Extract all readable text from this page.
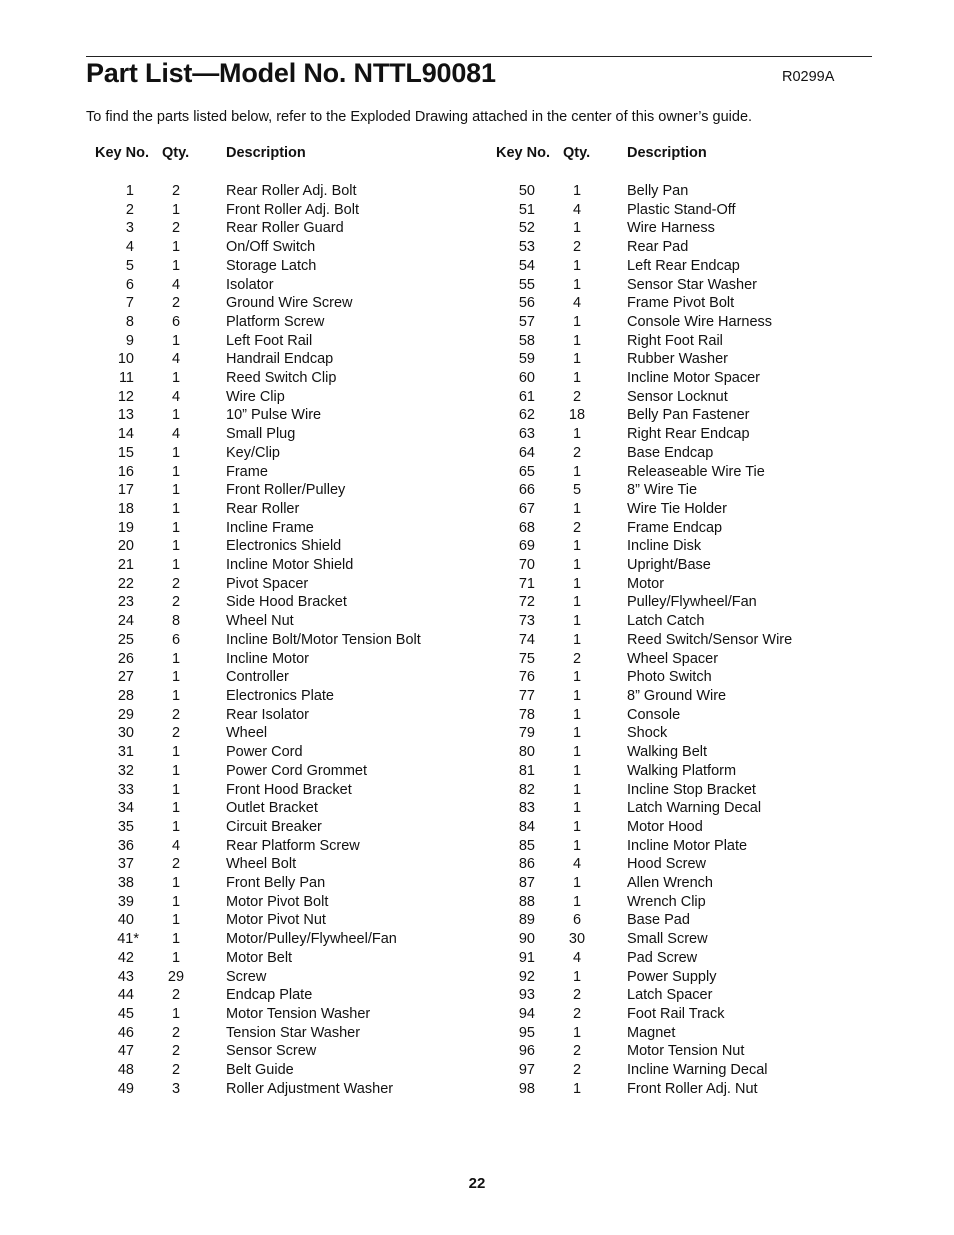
Part List—Model No. NTTL90081	R0299A
To find the parts listed below, refer to the Exploded Drawing attached in the center of this owner’s guide.
Key No. Qty.	Description
1	2	Rear Roller Adj. Bolt
2	1	Front Roller Adj. Bolt
3	2	Rear Roller Guard
4	1	On/Off Switch
5	1	Storage Latch
6	4	Isolator
7	2	Ground Wire Screw
8	6	Platform Screw
9	1	Left Foot Rail
10	4	Handrail Endcap
11	1	Reed Switch Clip
12	4	Wire Clip
13	1	10” Pulse Wire
14	4	Small Plug
15	1	Key/Clip
16	1	Frame
17	1	Front Roller/Pulley
18	1	Rear Roller
19	1	Incline Frame
20	1	Electronics Shield
21	1	Incline Motor Shield
22	2	Pivot Spacer
23	2	Side Hood Bracket
24	8	Wheel Nut
25	6	Incline Bolt/Motor Tension Bolt
26	1	Incline Motor
27	1	Controller
28	1	Electronics Plate
29	2	Rear Isolator
30	2	Wheel
31	1	Power Cord
32	1	Power Cord Grommet
33	1	Front Hood Bracket
34	1	Outlet Bracket
35	1	Circuit Breaker
36	4	Rear Platform Screw
37	2	Wheel Bolt
38	1	Front Belly Pan
39	1	Motor Pivot Bolt
40	1	Motor Pivot Nut
41*	1	Motor/Pulley/Flywheel/Fan
42	1	Motor Belt
43	29	Screw
44	2	Endcap Plate
45	1	Motor Tension Washer
46	2	Tension Star Washer
47	2	Sensor Screw
48	2	Belt Guide
49	3	Roller Adjustment Washer
Key No. Qty.	Description
50	1	Belly Pan
51	4	Plastic Stand-Off
52	1	Wire Harness
53	2	Rear Pad
54	1	Left Rear Endcap
55	1	Sensor Star Washer
56	4	Frame Pivot Bolt
57	1	Console Wire Harness
58	1	Right Foot Rail
59	1	Rubber Washer
60	1	Incline Motor Spacer
61	2	Sensor Locknut
62	18	Belly Pan Fastener
63	1	Right Rear Endcap
64	2	Base Endcap
65	1	Releaseable Wire Tie
66	5	8” Wire Tie
67	1	Wire Tie Holder
68	2	Frame Endcap
69	1	Incline Disk
70	1	Upright/Base
71	1	Motor
72	1	Pulley/Flywheel/Fan
73	1	Latch Catch
74	1	Reed Switch/Sensor Wire
75	2	Wheel Spacer
76	1	Photo Switch
77	1	8” Ground Wire
78	1	Console
79	1	Shock
80	1	Walking Belt
81	1	Walking Platform
82	1	Incline Stop Bracket
83	1	Latch Warning Decal
84	1	Motor Hood
85	1	Incline Motor Plate
86	4	Hood Screw
87	1	Allen Wrench
88	1	Wrench Clip
89	6	Base Pad
90	30	Small Screw
91	4	Pad Screw
92	1	Power Supply
93	2	Latch Spacer
94	2	Foot Rail Track
95	1	Magnet
96	2	Motor Tension Nut
97	2	Incline Warning Decal
98	1	Front Roller Adj. Nut
22
